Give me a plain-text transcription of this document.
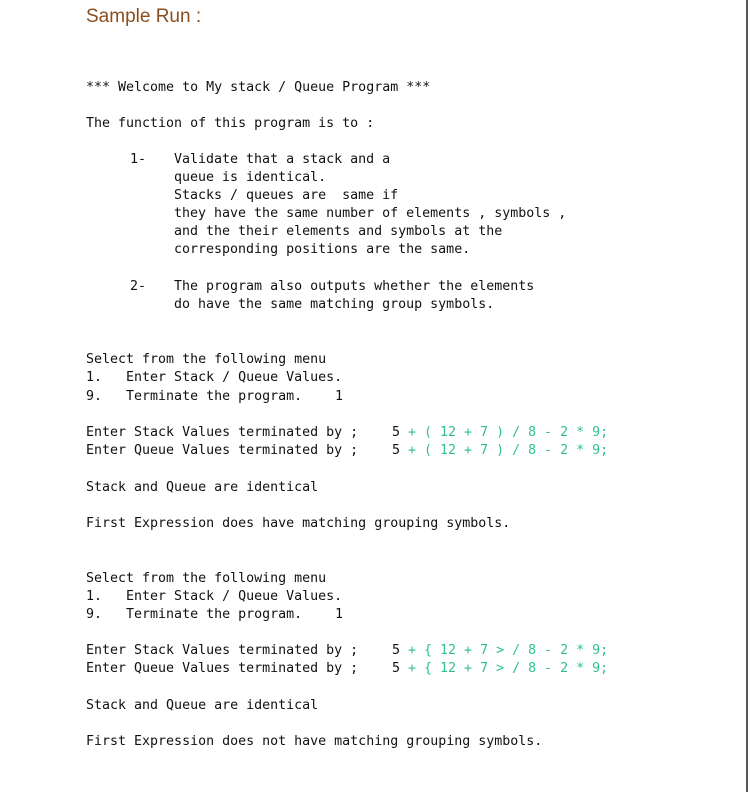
Sample Run :
*** Welcome to My stack / Queue Program ***
The function of this program is to :
1- Validate that a stack and a
queue is identical.
Stacks / queues are  same if
they have the same number of elements , symbols ,
and the their elements and symbols at the
corresponding positions are the same.
2- The program also outputs whether the elements
do have the same matching group symbols.
Select from the following menu
1.   Enter Stack / Queue Values.
9.   Terminate the program. 1
Enter Stack Values terminated by ;	5 + ( 12 + 7 ) / 8 - 2 * 9;
Enter Queue Values terminated by ;	5 + ( 12 + 7 ) / 8 - 2 * 9;
Stack and Queue are identical
First Expression does have matching grouping symbols.
Select from the following menu
1.   Enter Stack / Queue Values.
9.   Terminate the program. 1
Enter Stack Values terminated by ;	5 + { 12 + 7 > / 8 - 2 * 9;
Enter Queue Values terminated by ;	5 + { 12 + 7 > / 8 - 2 * 9;
Stack and Queue are identical
First Expression does not have matching grouping symbols.
